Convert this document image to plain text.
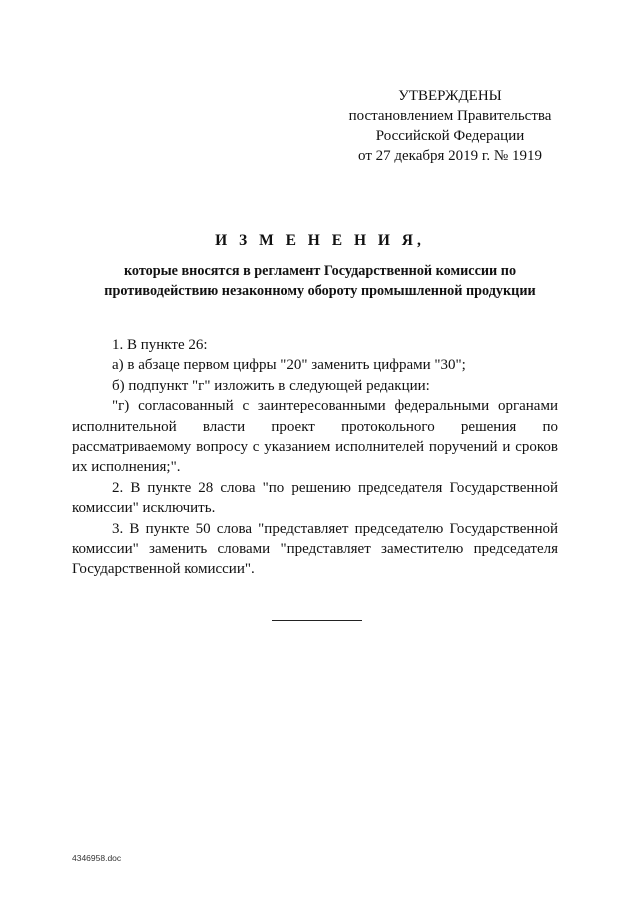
УТВЕРЖДЕНЫ
постановлением Правительства
Российской Федерации
от 27 декабря 2019 г. № 1919
И З М Е Н Е Н И Я,
которые вносятся в регламент Государственной комиссии по
противодействию незаконному обороту промышленной продукции

1. В пункте 26:

а) в абзаце первом цифры "20" заменить цифрами "30";

б) подпункт "г" изложить в следующей редакции:

"г) согласованный с заинтересованными федеральными органами

исполнительной власти проект протокольного решения по

рассматриваемому вопросу с указанием исполнителей поручений и сроков

их исполнения;".

2. В пункте 28 слова "по решению председателя Государственной

комиссии" исключить.

3. В пункте 50 слова "представляет председателю Государственной

комиссии" заменить словами "представляет заместителю председателя

Государственной комиссии".

4346958.doc
